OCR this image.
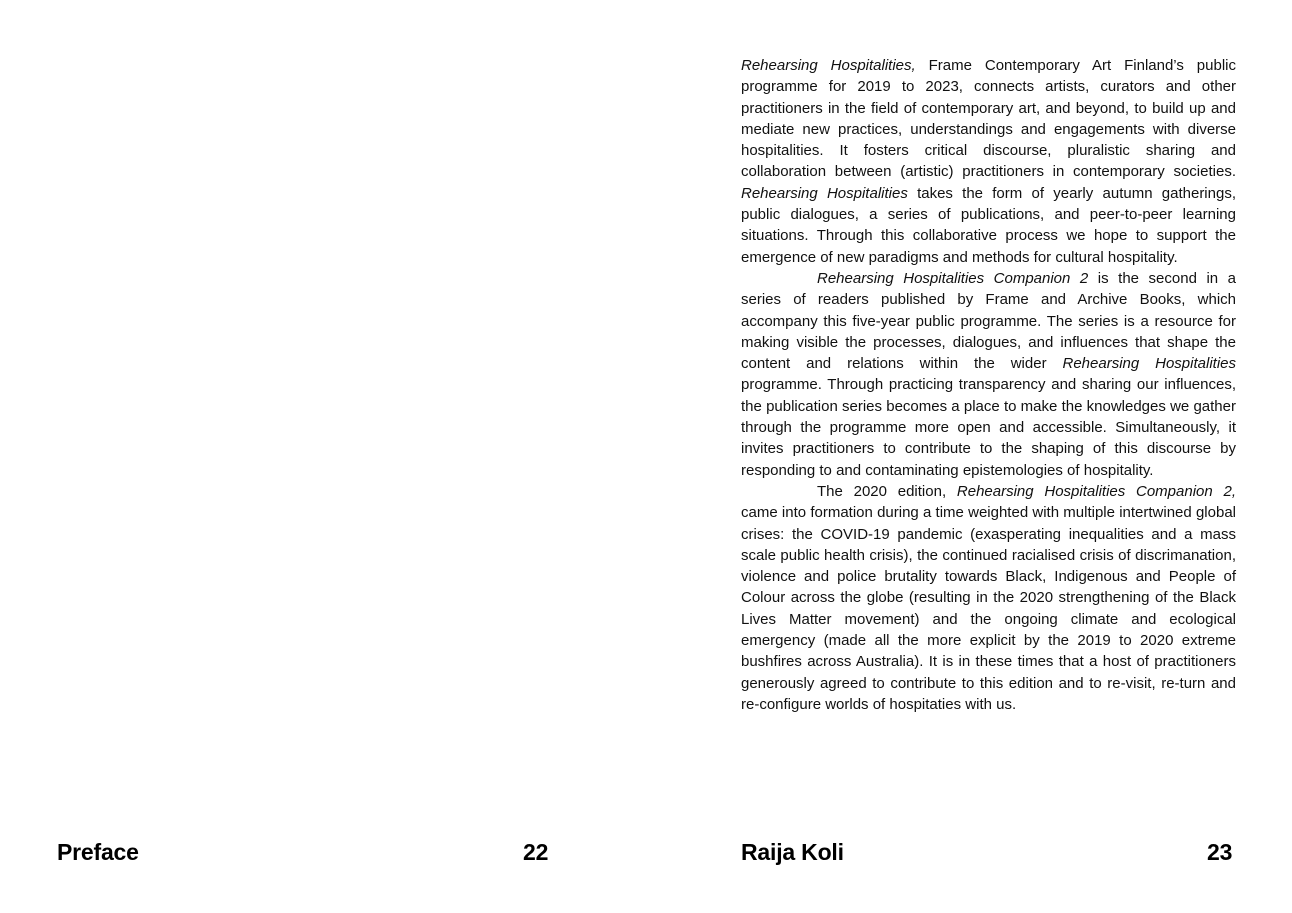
Preface	22

Rehearsing Hospitalities, Frame Contemporary Art Finland’s public programme for 2019 to 2023, connects artists, curators and other practitioners in the field of contemporary art, and beyond, to build up and mediate new practices, understandings and engagements with diverse hospitalities. It fosters critical discourse, pluralistic sharing and collaboration between (artistic) practitioners in contemporary societies. Rehearsing Hospitalities takes the form of yearly autumn gatherings, public dialogues, a series of publications, and peer-to-peer learning situations. Through this collaborative process we hope to support the emergence of new paradigms and methods for cultural hospitality.

Rehearsing Hospitalities Companion 2 is the second in a series of readers published by Frame and Archive Books, which accompany this five-year public programme. The series is a resource for making visible the processes, dialogues, and influences that shape the content and relations within the wider Rehearsing Hospitalities programme. Through practicing transparency and sharing our influences, the publication series becomes a place to make the knowledges we gather through the programme more open and accessible. Simultaneously, it invites practitioners to contribute to the shaping of this discourse by responding to and contaminating epistemologies of hospitality.

The 2020 edition, Rehearsing Hospitalities Companion 2, came into formation during a time weighted with multiple intertwined global crises: the COVID-19 pandemic (exasperating inequalities and a mass scale public health crisis), the continued racialised crisis of discrimanation, violence and police brutality towards Black, Indigenous and People of Colour across the globe (resulting in the 2020 strengthening of the Black Lives Matter movement) and the ongoing climate and ecological emergency (made all the more explicit by the 2019 to 2020 extreme bushfires across Australia). It is in these times that a host of practitioners generously agreed to contribute to this edition and to re-visit, re-turn and re-configure worlds of hospitaties with us.

Raija Koli	23
